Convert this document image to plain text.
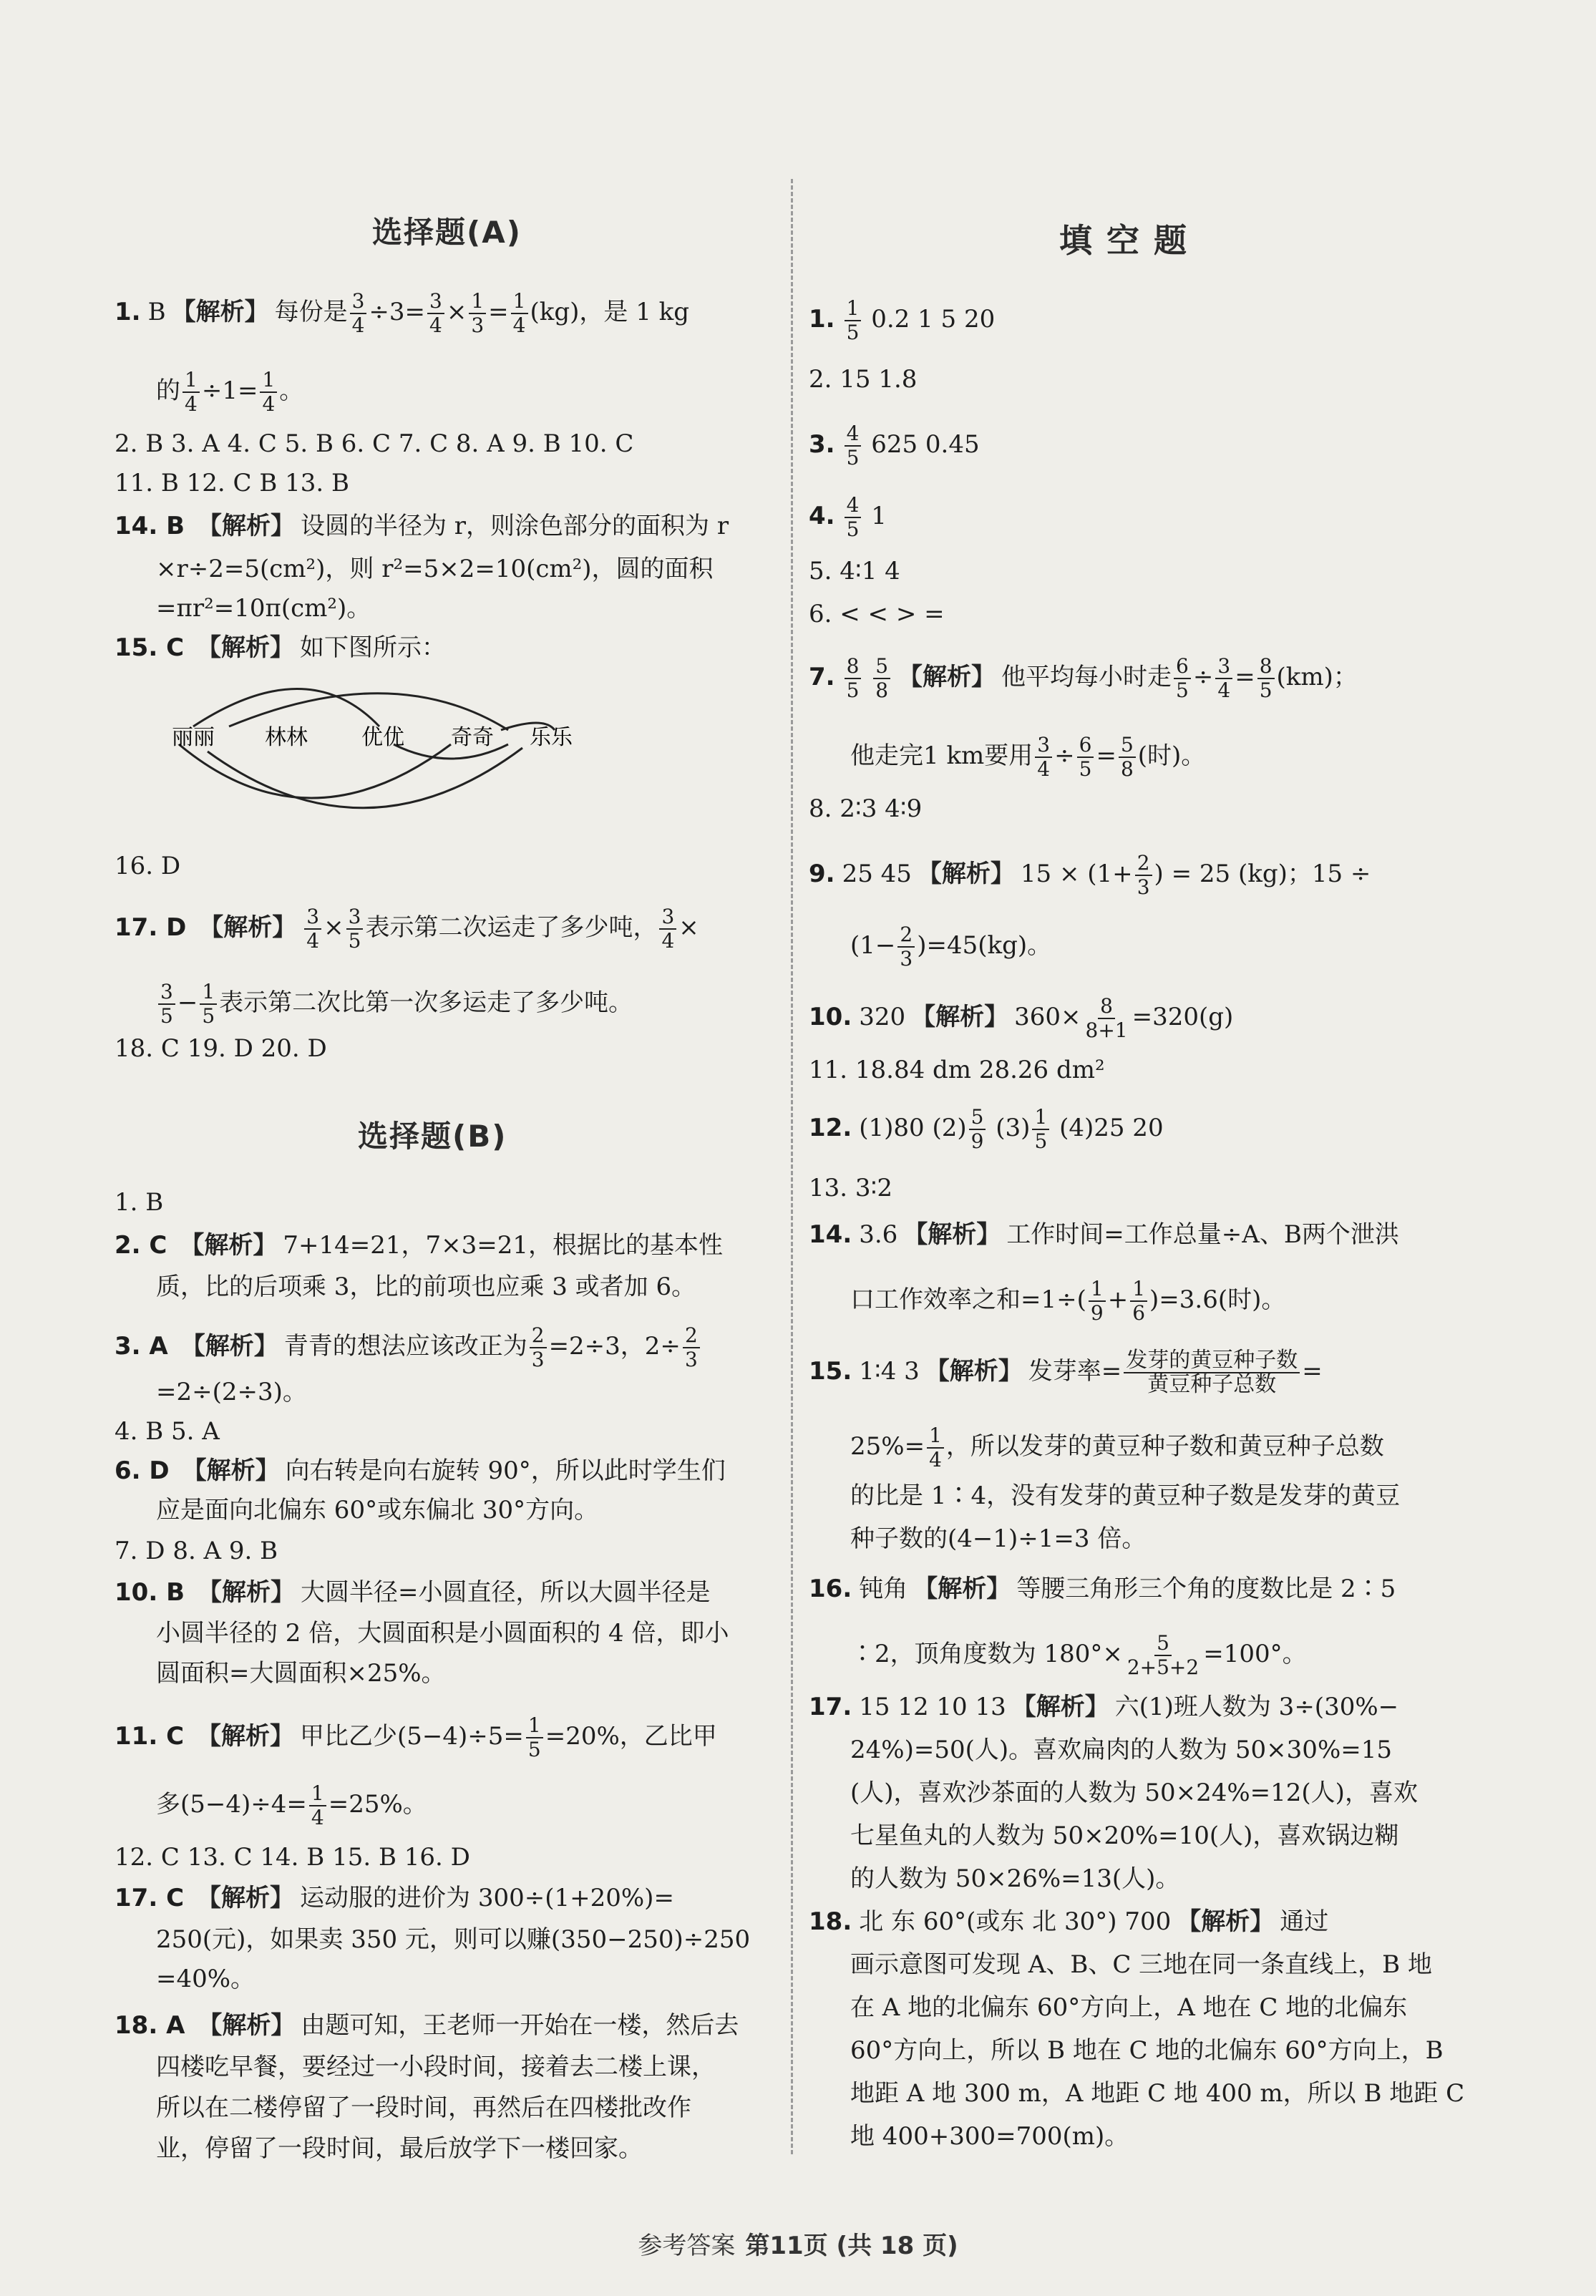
选择题(A)
1. B 【解析】 每份是 $\frac{3}{4} \div 3= \frac{3}{4} \times \frac{1}{3} = \frac{1}{4} (kg)$，是 1 kg
的 $\frac{1}{4} \div 1= \frac{1}{4}$ 。
2. B 3. A 4. C 5. B 6. C 7. C 8. A 9. B 10. C
11. B 12. C B 13. B
14. B 【解析】 设圆的半径为 r，则涂色部分的面积为 r
×r÷2=5(cm²)，则 r²=5×2=10(cm²)，圆的面积
=πr²=10π(cm²)。
15. C 【解析】 如下图所示：
丽丽 林林	优优 奇奇 乐乐
16. D
17. D 【解析】 $\frac{3}{4} \times \frac{3}{5}$ 表示第二次运走了多少吨， $\frac{3}{4}$ ×
$\frac{3}{5} - \frac{1}{5}$ 表示第二次比第一次多运走了多少吨。
18. C 19. D 20. D
选择题(B)
1. B
2. C 【解析】 7+14=21，7×3=21，根据比的基本性
质，比的后项乘 3，比的前项也应乘 3 或者加 6。
3. A 【解析】 青青的想法应该改正为 $\frac{2}{3} =2\div 3$，$2\div \frac{2}{3}$
=2÷(2÷3)。
4. B 5. A
6. D 【解析】 向右转是向右旋转 90°，所以此时学生们
应是面向北偏东 60°或东偏北 30°方向。
7. D 8. A 9. B
10. B 【解析】 大圆半径=小圆直径，所以大圆半径是
小圆半径的 2 倍，大圆面积是小圆面积的 4 倍，即小
圆面积=大圆面积×25%。
11. C 【解析】 甲比乙少$(5-4)\div 5= \frac{1}{5} =20\%$，乙比甲
多$(5-4)\div 4= \frac{1}{4} =25\%$。
12. C 13. C 14. B 15. B 16. D
17. C 【解析】 运动服的进价为 300÷(1+20%)=
250(元)，如果卖 350 元，则可以赚(350−250)÷250
=40%。
18. A 【解析】 由题可知，王老师一开始在一楼，然后去
四楼吃早餐，要经过一小段时间，接着去二楼上课，
所以在二楼停留了一段时间，再然后在四楼批改作
业，停留了一段时间，最后放学下一楼回家。
填 空 题
1. $\frac{1}{5} 0.2$ 1 5 20
2. 15 1.8
3. $\frac{4}{5} 625$ 0.45
4. $\frac{4}{5} 1$
5. 4∶1 4
6. < < > =
7. $\frac{8}{5}$
$\frac{5}{8}$ 【解析】 他平均每小时走 $\frac{6}{5} \div \frac{3}{4} = \frac{8}{5} (km)$；
他走完1 km要用 $\frac{3}{4} \div \frac{6}{5} = \frac{5}{8}$ (时)。
8. 2∶3 4∶9
9. 25 45 【解析】 $15 \times (1+ \frac{2}{3}$ ) = 25 (kg)；15 ÷
$(1- \frac{2}{3} )=45(kg)$。
10. 320 【解析】 $360\times \frac{8}{8+1} =320(g)$
11. 18.84 dm 28.26 dm²
12. (1)80 $(2) \frac{5}{9} (3) \frac{1}{5} (4)25$ 20
13. 3∶2
14. 3.6 【解析】 工作时间=工作总量÷A、B两个泄洪
口工作效率之和$=1\div( \frac{1}{9} + \frac{1}{6} )=3.6$(时)。
15. 1∶4 3 【解析】 发芽率= $\frac{\text{发芽的黄豆种子数}}{\text{黄豆种子总数}}$ =
$25\%= \frac{1}{4}$ ，所以发芽的黄豆种子数和黄豆种子总数
的比是 1∶4，没有发芽的黄豆种子数是发芽的黄豆
种子数的(4−1)÷1=3 倍。
16. 钝角 【解析】 等腰三角形三个角的度数比是 2∶5
∶2，顶角度数为 $180^\circ\times \frac{5}{2+5+2} =100^\circ$。
17. 15 12 10 13 【解析】 六(1)班人数为 3÷(30%−
24%)=50(人)。喜欢扁肉的人数为 50×30%=15
(人)，喜欢沙茶面的人数为 50×24%=12(人)，喜欢
七星鱼丸的人数为 50×20%=10(人)，喜欢锅边糊
的人数为 50×26%=13(人)。
18. 北 东 60°(或东 北 30°) 700 【解析】 通过
画示意图可发现 A、B、C 三地在同一条直线上，B 地
在 A 地的北偏东 60°方向上，A 地在 C 地的北偏东
60°方向上，所以 B 地在 C 地的北偏东 60°方向上，B
地距 A 地 300 m，A 地距 C 地 400 m，所以 B 地距 C
地 400+300=700(m)。
参考答案 第11页 (共 18 页)
